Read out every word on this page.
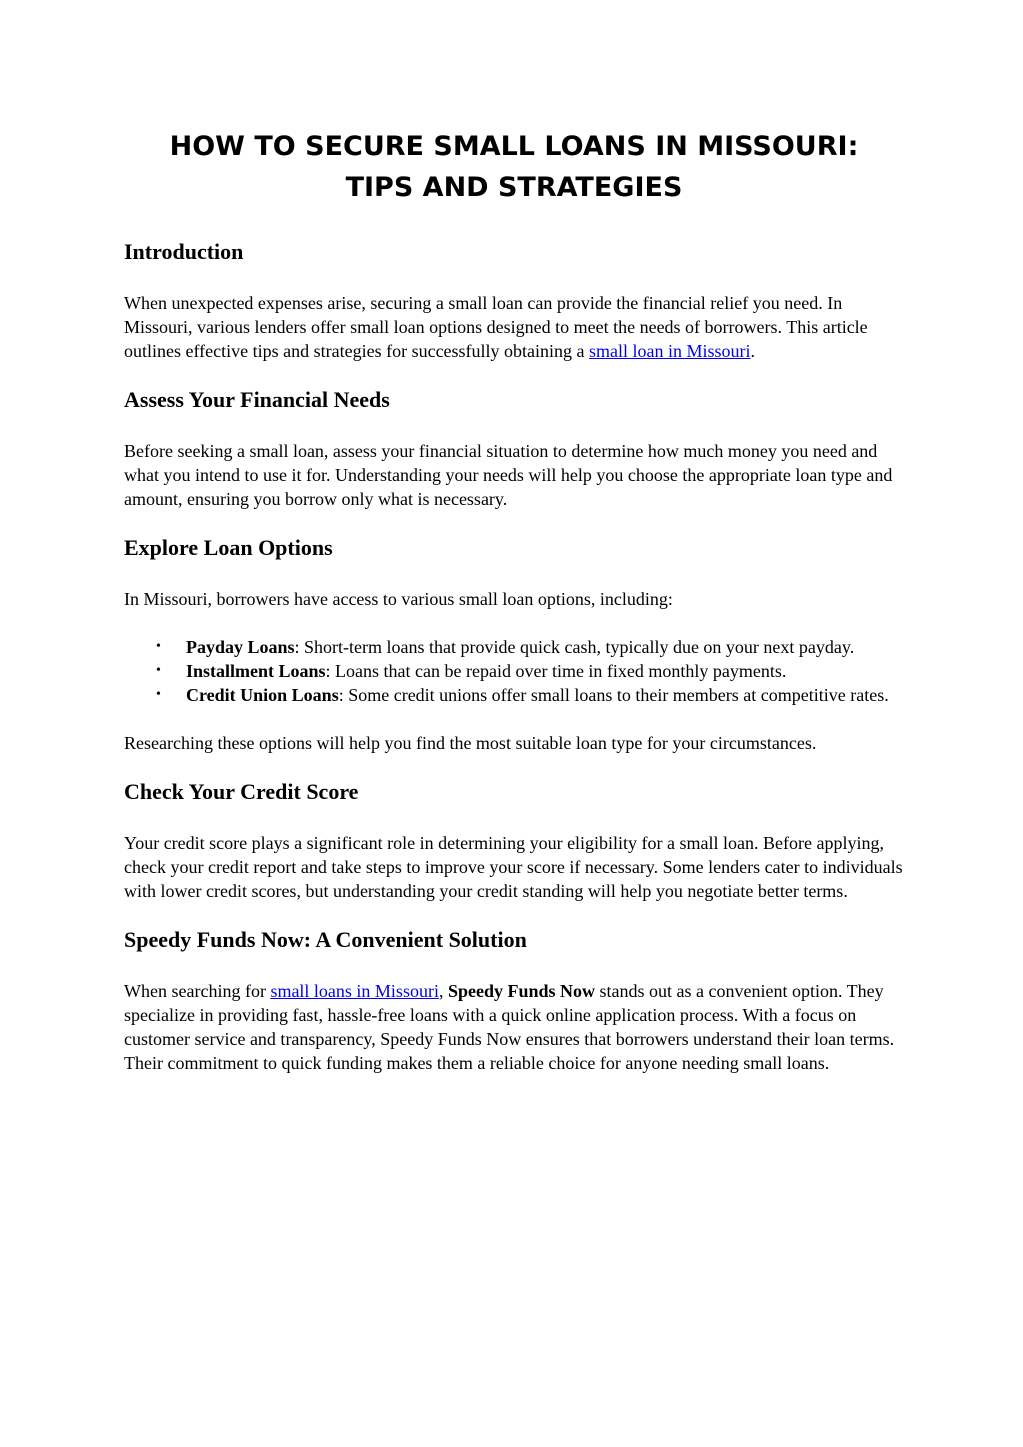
HOW TO SECURE SMALL LOANS IN MISSOURI:
TIPS AND STRATEGIES
Introduction

When unexpected expenses arise, securing a small loan can provide the financial relief you need. In Missouri, various lenders offer small loan options designed to meet the needs of borrowers. This article outlines effective tips and strategies for successfully obtaining a small loan in Missouri.

Assess Your Financial Needs

Before seeking a small loan, assess your financial situation to determine how much money you need and what you intend to use it for. Understanding your needs will help you choose the appropriate loan type and amount, ensuring you borrow only what is necessary.

Explore Loan Options

In Missouri, borrowers have access to various small loan options, including:

• Payday Loans: Short-term loans that provide quick cash, typically due on your next payday.
• Installment Loans: Loans that can be repaid over time in fixed monthly payments.
• Credit Union Loans: Some credit unions offer small loans to their members at competitive rates.

Researching these options will help you find the most suitable loan type for your circumstances.

Check Your Credit Score

Your credit score plays a significant role in determining your eligibility for a small loan. Before applying, check your credit report and take steps to improve your score if necessary. Some lenders cater to individuals with lower credit scores, but understanding your credit standing will help you negotiate better terms.

Speedy Funds Now: A Convenient Solution

When searching for small loans in Missouri, Speedy Funds Now stands out as a convenient option. They specialize in providing fast, hassle-free loans with a quick online application process. With a focus on customer service and transparency, Speedy Funds Now ensures that borrowers understand their loan terms. Their commitment to quick funding makes them a reliable choice for anyone needing small loans.
